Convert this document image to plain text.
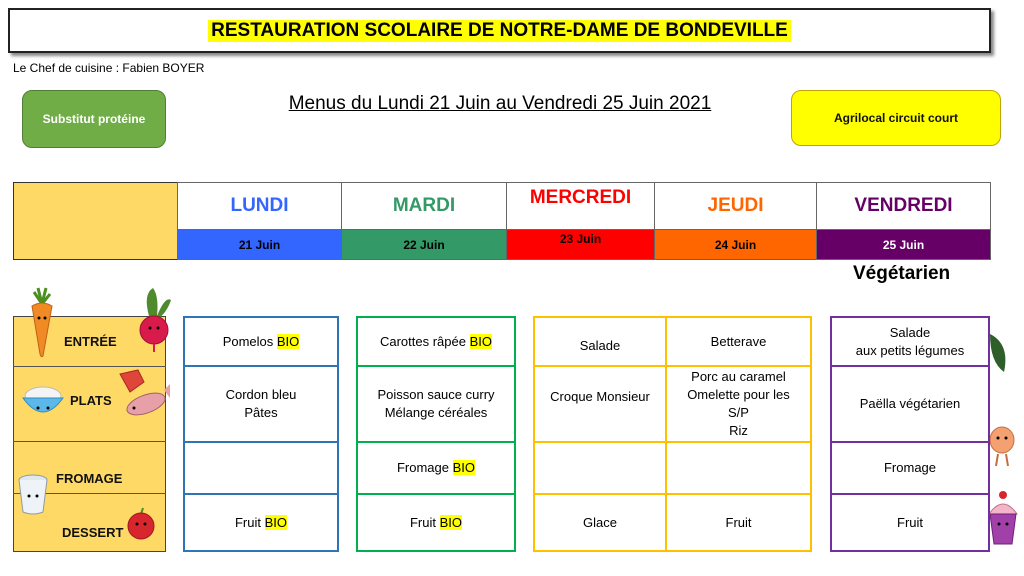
RESTAURATION SCOLAIRE DE NOTRE-DAME DE BONDEVILLE
Le Chef de cuisine : Fabien BOYER
Substitut protéine
Menus du Lundi 21 Juin au Vendredi 25 Juin 2021
Agrilocal circuit court
LUNDI
21 Juin
MARDI
22 Juin
MERCREDI
23 Juin
JEUDI
24 Juin
VENDREDI
25 Juin
Végétarien
ENTRÉE
PLATS
FROMAGE
DESSERT
Pomelos BIO
Cordon bleu
Pâtes
Fruit BIO
Carottes râpée BIO
Poisson sauce curry
Mélange céréales
Fromage BIO
Fruit BIO
Salade
Croque Monsieur
Glace
Betterave
Porc au caramel
Omelette pour les
S/P
Riz
Fruit
Salade
aux petits légumes
Paëlla végétarien
Fromage
Fruit
